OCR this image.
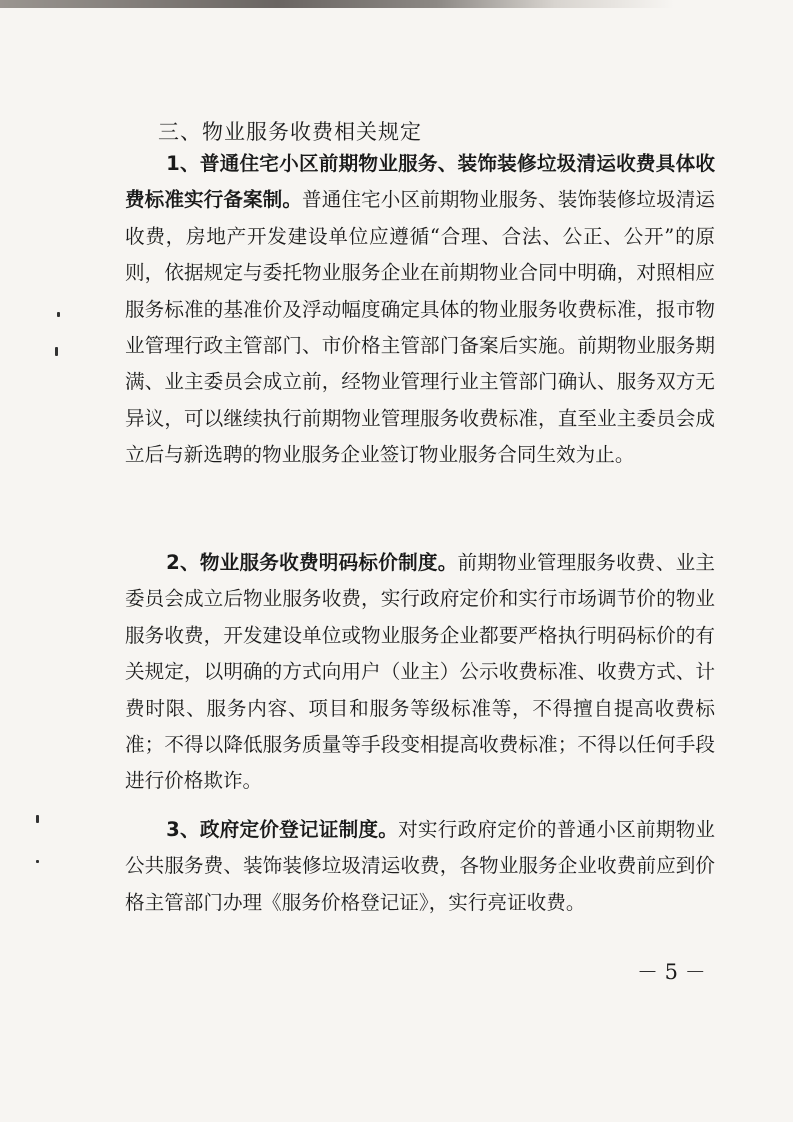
三、物业服务收费相关规定

1、普通住宅小区前期物业服务、装饰装修垃圾清运收费具体收费标准实行备案制。普通住宅小区前期物业服务、装饰装修垃圾清运收费，房地产开发建设单位应遵循“合理、合法、公正、公开”的原则，依据规定与委托物业服务企业在前期物业合同中明确，对照相应服务标准的基准价及浮动幅度确定具体的物业服务收费标准，报市物业管理行政主管部门、市价格主管部门备案后实施。前期物业服务期满、业主委员会成立前，经物业管理行业主管部门确认、服务双方无异议，可以继续执行前期物业管理服务收费标准，直至业主委员会成立后与新选聘的物业服务企业签订物业服务合同生效为止。

2、物业服务收费明码标价制度。前期物业管理服务收费、业主委员会成立后物业服务收费，实行政府定价和实行市场调节价的物业服务收费，开发建设单位或物业服务企业都要严格执行明码标价的有关规定，以明确的方式向用户（业主）公示收费标准、收费方式、计费时限、服务内容、项目和服务等级标准等，不得擅自提高收费标准；不得以降低服务质量等手段变相提高收费标准；不得以任何手段进行价格欺诈。

3、政府定价登记证制度。对实行政府定价的普通小区前期物业公共服务费、装饰装修垃圾清运收费，各物业服务企业收费前应到价格主管部门办理《服务价格登记证》，实行亮证收费。

－ 5 －
